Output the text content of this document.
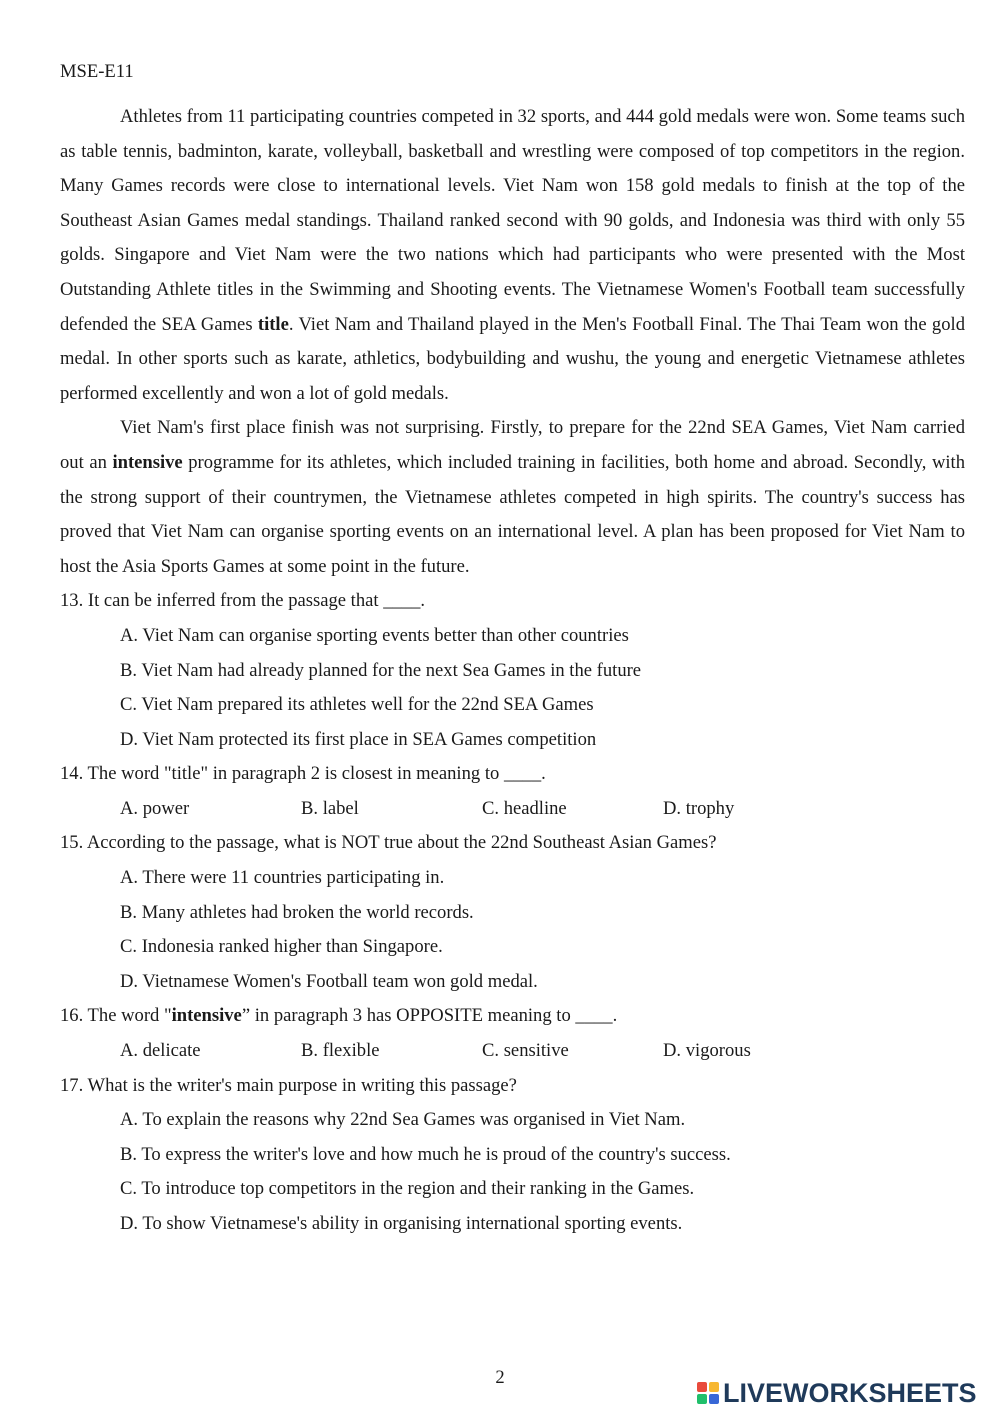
MSE-E11

Athletes from 11 participating countries competed in 32 sports, and 444 gold medals were won. Some teams such as table tennis, badminton, karate, volleyball, basketball and wrestling were composed of top competitors in the region. Many Games records were close to international levels. Viet Nam won 158 gold medals to finish at the top of the Southeast Asian Games medal standings. Thailand ranked second with 90 golds, and Indonesia was third with only 55 golds. Singapore and Viet Nam were the two nations which had participants who were presented with the Most Outstanding Athlete titles in the Swimming and Shooting events. The Vietnamese Women's Football team successfully defended the SEA Games title. Viet Nam and Thailand played in the Men's Football Final. The Thai Team won the gold medal. In other sports such as karate, athletics, bodybuilding and wushu, the young and energetic Vietnamese athletes performed excellently and won a lot of gold medals.

Viet Nam's first place finish was not surprising. Firstly, to prepare for the 22nd SEA Games, Viet Nam carried out an intensive programme for its athletes, which included training in facilities, both home and abroad. Secondly, with the strong support of their countrymen, the Vietnamese athletes competed in high spirits. The country's success has proved that Viet Nam can organise sporting events on an international level. A plan has been proposed for Viet Nam to host the Asia Sports Games at some point in the future.

13. It can be inferred from the passage that ____.

A. Viet Nam can organise sporting events better than other countries

B. Viet Nam had already planned for the next Sea Games in the future

C. Viet Nam prepared its athletes well for the 22nd SEA Games

D. Viet Nam protected its first place in SEA Games competition

14. The word "title" in paragraph 2 is closest in meaning to ____.

A. power	B. label	C. headline	D. trophy

15. According to the passage, what is NOT true about the 22nd Southeast Asian Games?

A. There were 11 countries participating in.

B. Many athletes had broken the world records.

C. Indonesia ranked higher than Singapore.

D. Vietnamese Women's Football team won gold medal.

16. The word "intensive” in paragraph 3 has OPPOSITE meaning to ____.

A. delicate	B. flexible	C. sensitive	D. vigorous

17. What is the writer's main purpose in writing this passage?

A. To explain the reasons why 22nd Sea Games was organised in Viet Nam.

B. To express the writer's love and how much he is proud of the country's success.

C. To introduce top competitors in the region and their ranking in the Games.

D. To show Vietnamese's ability in organising international sporting events.

2
LIVEWORKSHEETS
